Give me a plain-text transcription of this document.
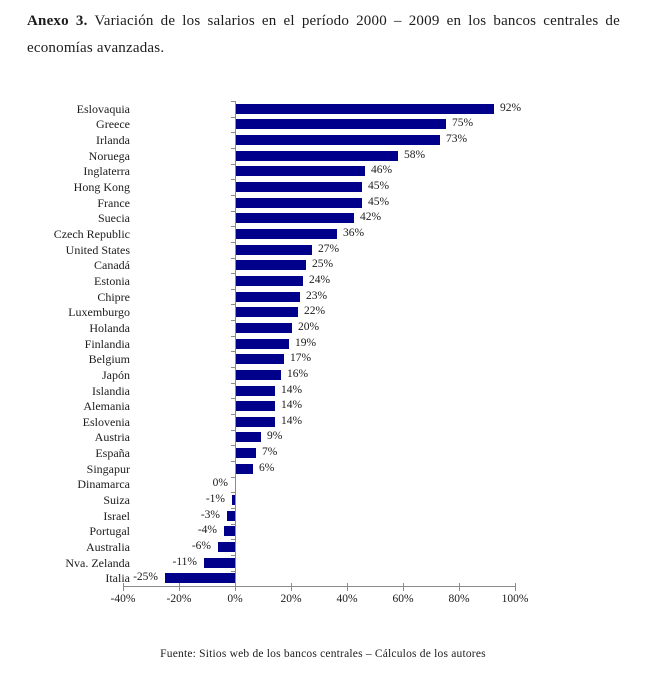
Anexo 3. Variación de los salarios en el período 2000 – 2009 en los bancos centrales de
economías avanzadas.
-40%	-20%	0%	20%	40%	60%	80%	100%
Eslovaquia	92%
Greece	75%
Irlanda	73%
Noruega	58%
Inglaterra	46%
Hong Kong	45%
France	45%
Suecia	42%
Czech Republic	36%
United States	27%
Canadá	25%
Estonia	24%
Chipre	23%
Luxemburgo	22%
Holanda	20%
Finlandia	19%
Belgium	17%
Japón	16%
Islandia	14%
Alemania	14%
Eslovenia	14%
Austria	9%
España	7%
Singapur	6%
Dinamarca	0%
Suiza	-1%
Israel	-3%
Portugal	-4%
Australia	-6%
Nva. Zelanda	-11%
Italia -25%
Fuente: Sitios web de los bancos centrales – Cálculos de los autores
